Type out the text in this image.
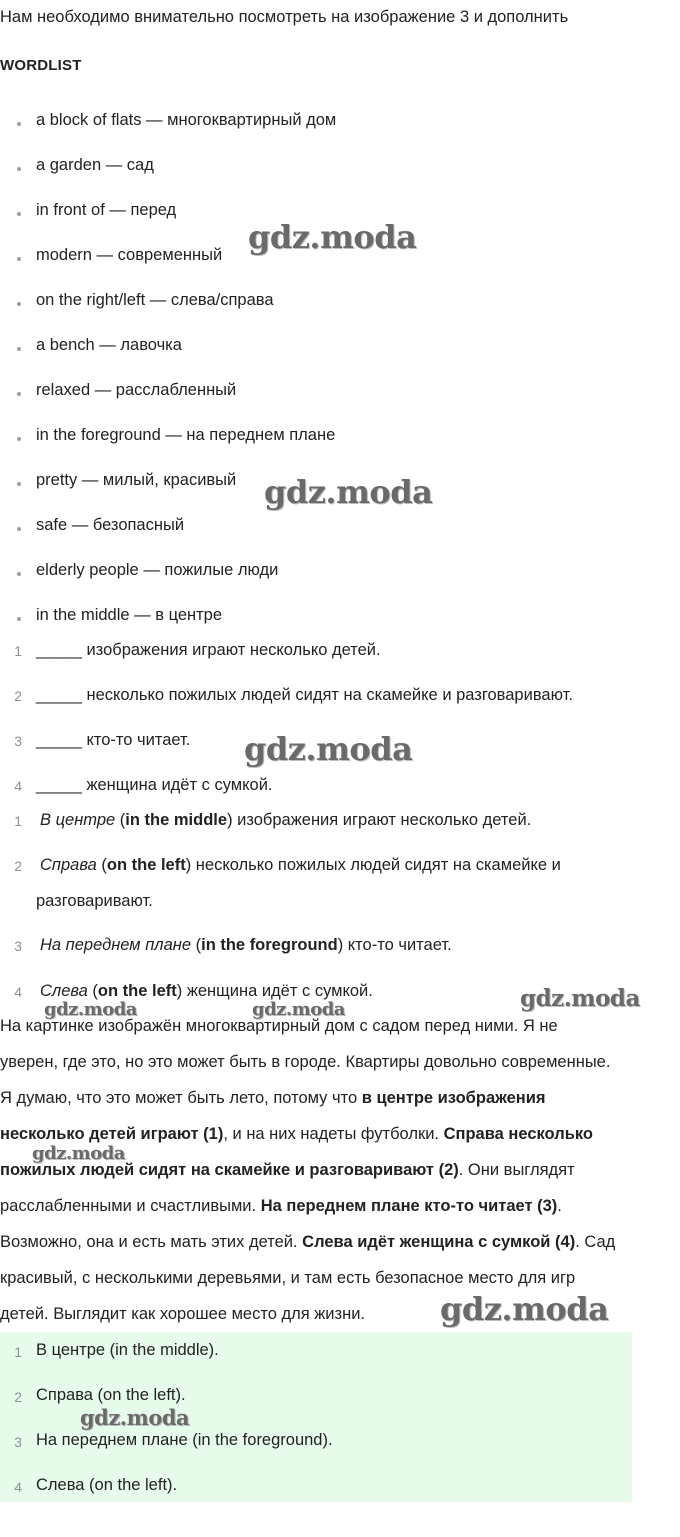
Нам необходимо внимательно посмотреть на изображение 3 и дополнить
WORDLIST
a block of flats — многоквартирный дом
a garden — сад
in front of — перед
modern — современный
on the right/left — слева/справа
a bench — лавочка
relaxed — расслабленный
in the foreground — на переднем плане
pretty — милый, красивый
safe — безопасный
elderly people — пожилые люди
in the middle — в центре
1 _____ изображения играют несколько детей.
2 _____ несколько пожилых людей сидят на скамейке и разговаривают.
3 _____ кто-то читает.
4 _____ женщина идёт с сумкой.
1 В центре (in the middle) изображения играют несколько детей.
2 Справа (on the left) несколько пожилых людей сидят на скамейке и
разговаривают.
3 На переднем плане (in the foreground) кто-то читает.
4 Слева (on the left) женщина идёт с сумкой.
На картинке изображён многоквартирный дом с садом перед ними. Я не
уверен, где это, но это может быть в городе. Квартиры довольно современные.
Я думаю, что это может быть лето, потому что в центре изображения
несколько детей играют (1), и на них надеты футболки. Справа несколько
пожилых людей сидят на скамейке и разговаривают (2). Они выглядят
расслабленными и счастливыми. На переднем плане кто-то читает (3).
Возможно, она и есть мать этих детей. Слева идёт женщина с сумкой (4). Сад
красивый, с несколькими деревьями, и там есть безопасное место для игр
детей. Выглядит как хорошее место для жизни.
1 В центре (in the middle).
2 Справа (on the left).
3 На переднем плане (in the foreground).
4 Слева (on the left).
gdz.moda
gdz.moda
gdz.moda
gdz.moda	gdz.moda	gdz.moda
gdz.moda
gdz.moda
gdz.moda
